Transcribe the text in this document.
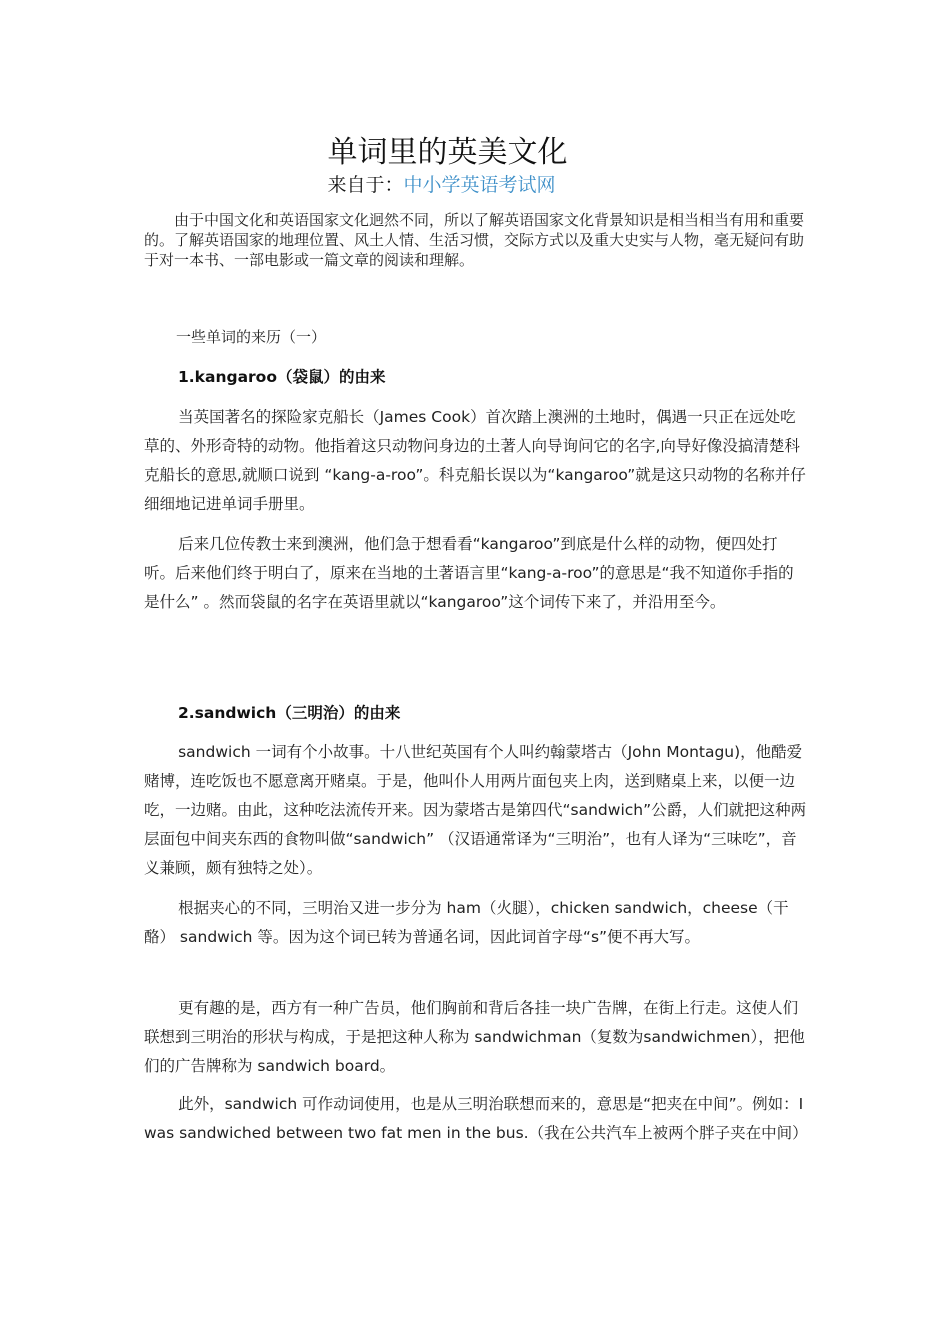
单词里的英美文化
来自于：中小学英语考试网

由于中国文化和英语国家文化迥然不同，所以了解英语国家文化背景知识是相当相当有用和重要的。了解英语国家的地理位置、风土人情、生活习惯，交际方式以及重大史实与人物，毫无疑问有助于对一本书、一部电影或一篇文章的阅读和理解。

一些单词的来历（一）
1.kangaroo（袋鼠）的由来

当英国著名的探险家克船长（James Cook）首次踏上澳洲的土地时，偶遇一只正在远处吃草的、外形奇特的动物。他指着这只动物问身边的土著人向导询问它的名字,向导好像没搞清楚科克船长的意思,就顺口说到 “kang-a-roo”。科克船长误以为“kangaroo”就是这只动物的名称并仔细细地记进单词手册里。

后来几位传教士来到澳洲，他们急于想看看“kangaroo”到底是什么样的动物，便四处打听。后来他们终于明白了，原来在当地的土著语言里“kang-a-roo”的意思是“我不知道你手指的是什么” 。然而袋鼠的名字在英语里就以“kangaroo”这个词传下来了，并沿用至今。

2.sandwich（三明治）的由来

sandwich 一词有个小故事。十八世纪英国有个人叫约翰蒙塔古（John Montagu)，他酷爱赌博，连吃饭也不愿意离开赌桌。于是，他叫仆人用两片面包夹上肉，送到赌桌上来，以便一边吃，一边赌。由此，这种吃法流传开来。因为蒙塔古是第四代“sandwich”公爵，人们就把这种两层面包中间夹东西的食物叫做“sandwich” （汉语通常译为“三明治”，也有人译为“三味吃”，音义兼顾，颇有独特之处）。

根据夹心的不同，三明治又进一步分为 ham（火腿），chicken sandwich，cheese（干酪） sandwich 等。因为这个词已转为普通名词，因此词首字母“s”便不再大写。

更有趣的是，西方有一种广告员，他们胸前和背后各挂一块广告牌，在街上行走。这使人们联想到三明治的形状与构成，于是把这种人称为 sandwichman（复数为sandwichmen），把他们的广告牌称为 sandwich board。

此外，sandwich 可作动词使用，也是从三明治联想而来的，意思是“把夹在中间”。例如：I was sandwiched between two fat men in the bus.（我在公共汽车上被两个胖子夹在中间）
